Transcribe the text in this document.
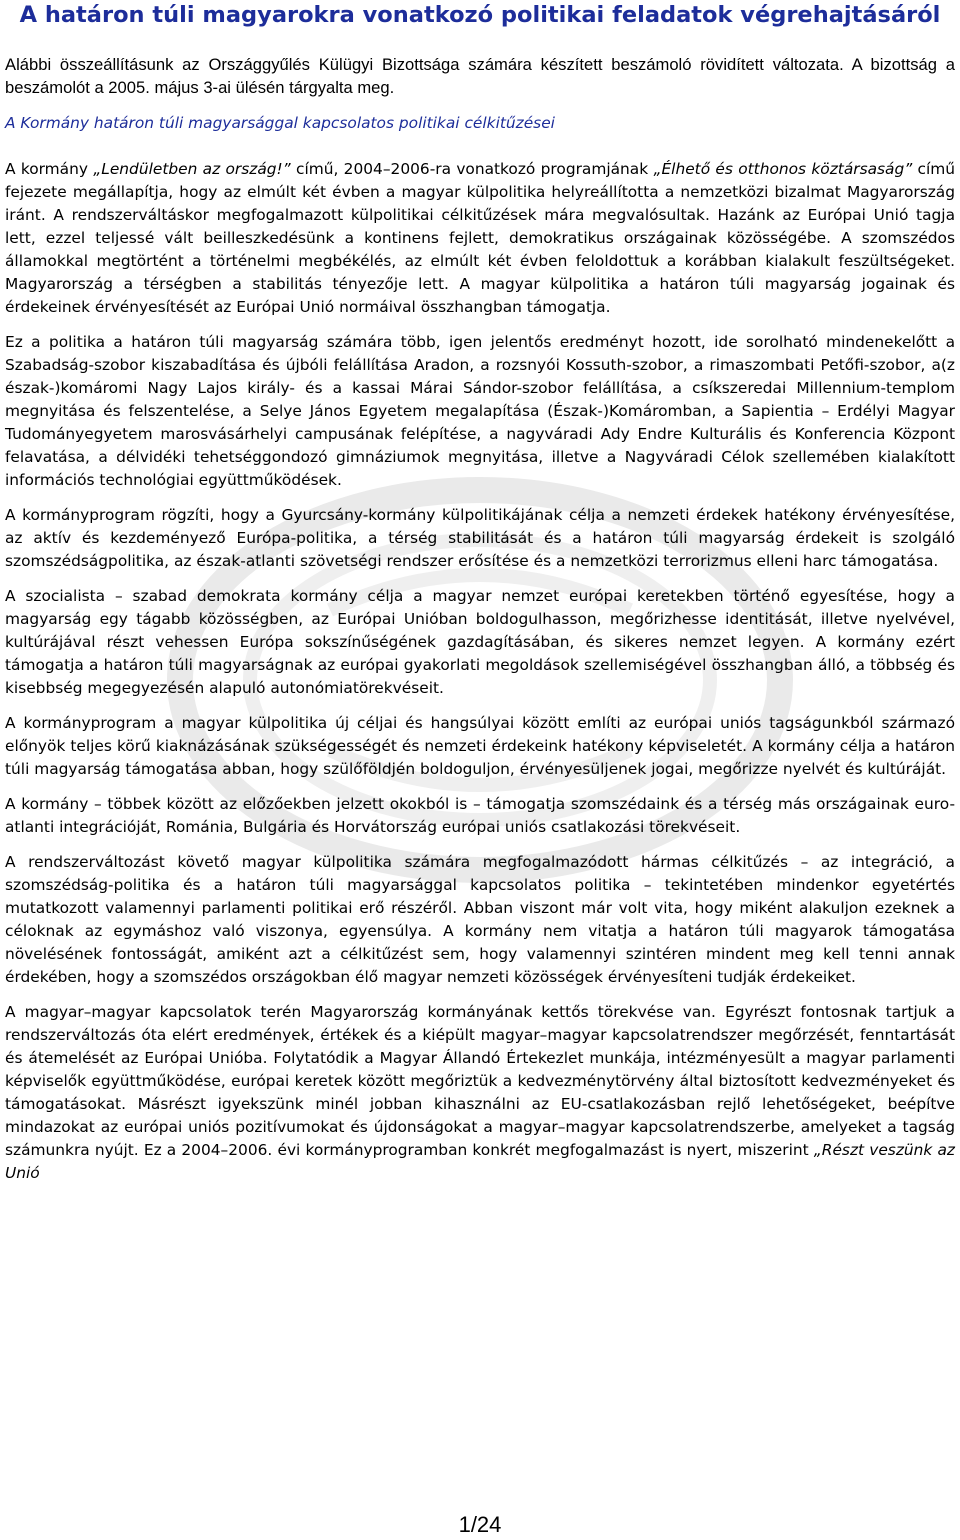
A határon túli magyarokra vonatkozó politikai feladatok végrehajtásáról

Alábbi összeállításunk az Országgyűlés Külügyi Bizottsága számára készített beszámoló rövidített változata. A bizottság a beszámolót a 2005. május 3-ai ülésén tárgyalta meg.

A Kormány határon túli magyarsággal kapcsolatos politikai célkitűzései

A kormány „Lendületben az ország!” című, 2004–2006-ra vonatkozó programjának „Élhető és otthonos köztársaság” című fejezete megállapítja, hogy az elmúlt két évben a magyar külpolitika helyreállította a nemzetközi bizalmat Magyarország iránt. A rendszerváltáskor megfogalmazott külpolitikai célkitűzések mára megvalósultak. Hazánk az Európai Unió tagja lett, ezzel teljessé vált beilleszkedésünk a kontinens fejlett, demokratikus országainak közösségébe. A szomszédos államokkal megtörtént a történelmi megbékélés, az elmúlt két évben feloldottuk a korábban kialakult feszültségeket. Magyarország a térségben a stabilitás tényezője lett. A magyar külpolitika a határon túli magyarság jogainak és érdekeinek érvényesítését az Európai Unió normáival összhangban támogatja.

Ez a politika a határon túli magyarság számára több, igen jelentős eredményt hozott, ide sorolható mindenekelőtt a Szabadság-szobor kiszabadítása és újbóli felállítása Aradon, a rozsnyói Kossuth-szobor, a rimaszombati Petőfi-szobor, a(z észak-)komáromi Nagy Lajos király- és a kassai Márai Sándor-szobor felállítása, a csíkszeredai Millennium-templom megnyitása és felszentelése, a Selye János Egyetem megalapítása (Észak-)Komáromban, a Sapientia – Erdélyi Magyar Tudományegyetem marosvásárhelyi campusának felépítése, a nagyváradi Ady Endre Kulturális és Konferencia Központ felavatása, a délvidéki tehetséggondozó gimnáziumok megnyitása, illetve a Nagyváradi Célok szellemében kialakított információs technológiai együttműködések.

A kormányprogram rögzíti, hogy a Gyurcsány-kormány külpolitikájának célja a nemzeti érdekek hatékony érvényesítése, az aktív és kezdeményező Európa-politika, a térség stabilitását és a határon túli magyarság érdekeit is szolgáló szomszédságpolitika, az észak-atlanti szövetségi rendszer erősítése és a nemzetközi terrorizmus elleni harc támogatása.

A szocialista – szabad demokrata kormány célja a magyar nemzet európai keretekben történő egyesítése, hogy a magyarság egy tágabb közösségben, az Európai Unióban boldogulhasson, megőrizhesse identitását, illetve nyelvével, kultúrájával részt vehessen Európa sokszínűségének gazdagításában, és sikeres nemzet legyen. A kormány ezért támogatja a határon túli magyarságnak az európai gyakorlati megoldások szellemiségével összhangban álló, a többség és kisebbség megegyezésén alapuló autonómiatörekvéseit.

A kormányprogram a magyar külpolitika új céljai és hangsúlyai között említi az európai uniós tagságunkból származó előnyök teljes körű kiaknázásának szükségességét és nemzeti érdekeink hatékony képviseletét. A kormány célja a határon túli magyarság támogatása abban, hogy szülőföldjén boldoguljon, érvényesüljenek jogai, megőrizze nyelvét és kultúráját.

A kormány – többek között az előzőekben jelzett okokból is – támogatja szomszédaink és a térség más országainak euro-atlanti integrációját, Románia, Bulgária és Horvátország európai uniós csatlakozási törekvéseit.

A rendszerváltozást követő magyar külpolitika számára megfogalmazódott hármas célkitűzés – az integráció, a szomszédság-politika és a határon túli magyarsággal kapcsolatos politika – tekintetében mindenkor egyetértés mutatkozott valamennyi parlamenti politikai erő részéről. Abban viszont már volt vita, hogy miként alakuljon ezeknek a céloknak az egymáshoz való viszonya, egyensúlya. A kormány nem vitatja a határon túli magyarok támogatása növelésének fontosságát, amiként azt a célkitűzést sem, hogy valamennyi szintéren mindent meg kell tenni annak érdekében, hogy a szomszédos országokban élő magyar nemzeti közösségek érvényesíteni tudják érdekeiket.

A magyar–magyar kapcsolatok terén Magyarország kormányának kettős törekvése van. Egyrészt fontosnak tartjuk a rendszerváltozás óta elért eredmények, értékek és a kiépült magyar–magyar kapcsolatrendszer megőrzését, fenntartását és átemelését az Európai Unióba. Folytatódik a Magyar Állandó Értekezlet munkája, intézményesült a magyar parlamenti képviselők együttműködése, európai keretek között megőriztük a kedvezménytörvény által biztosított kedvezményeket és támogatásokat. Másrészt igyekszünk minél jobban kihasználni az EU-csatlakozásban rejlő lehetőségeket, beépítve mindazokat az európai uniós pozitívumokat és újdonságokat a magyar–magyar kapcsolatrendszerbe, amelyeket a tagság számunkra nyújt. Ez a 2004–2006. évi kormányprogramban konkrét megfogalmazást is nyert, miszerint „Részt veszünk az Unió

1/24
